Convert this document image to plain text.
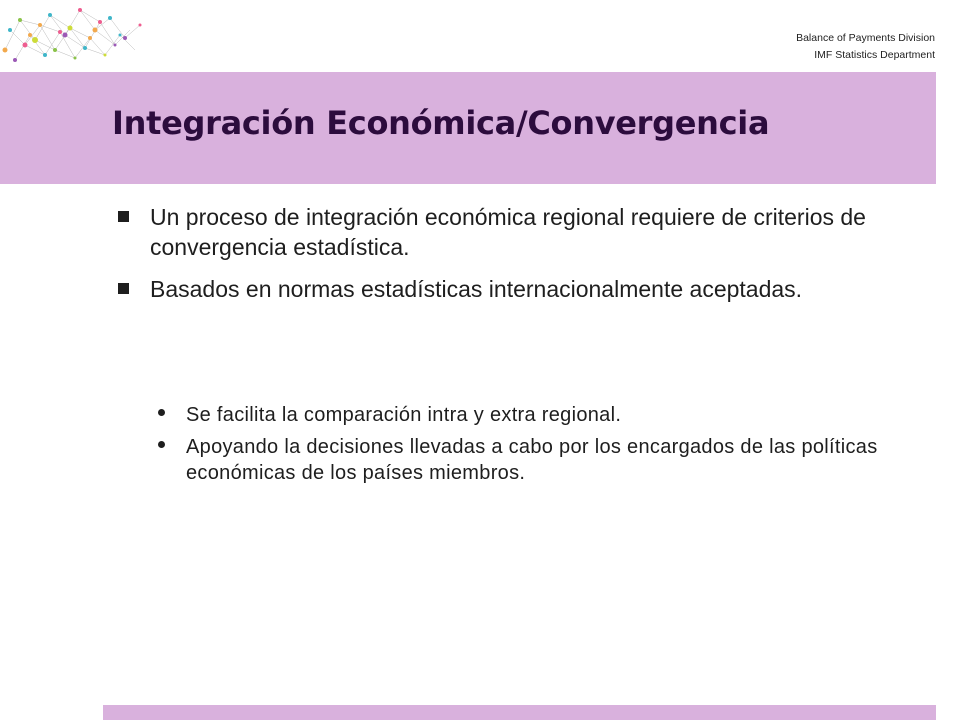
Balance of Payments Division
IMF Statistics Department
Integración Económica/Convergencia
Un proceso de integración económica regional requiere de criterios de convergencia estadística.
Basados en normas estadísticas internacionalmente aceptadas.
Se facilita la comparación intra y extra regional.
Apoyando la decisiones llevadas a cabo por los encargados de las políticas económicas de los países miembros.
